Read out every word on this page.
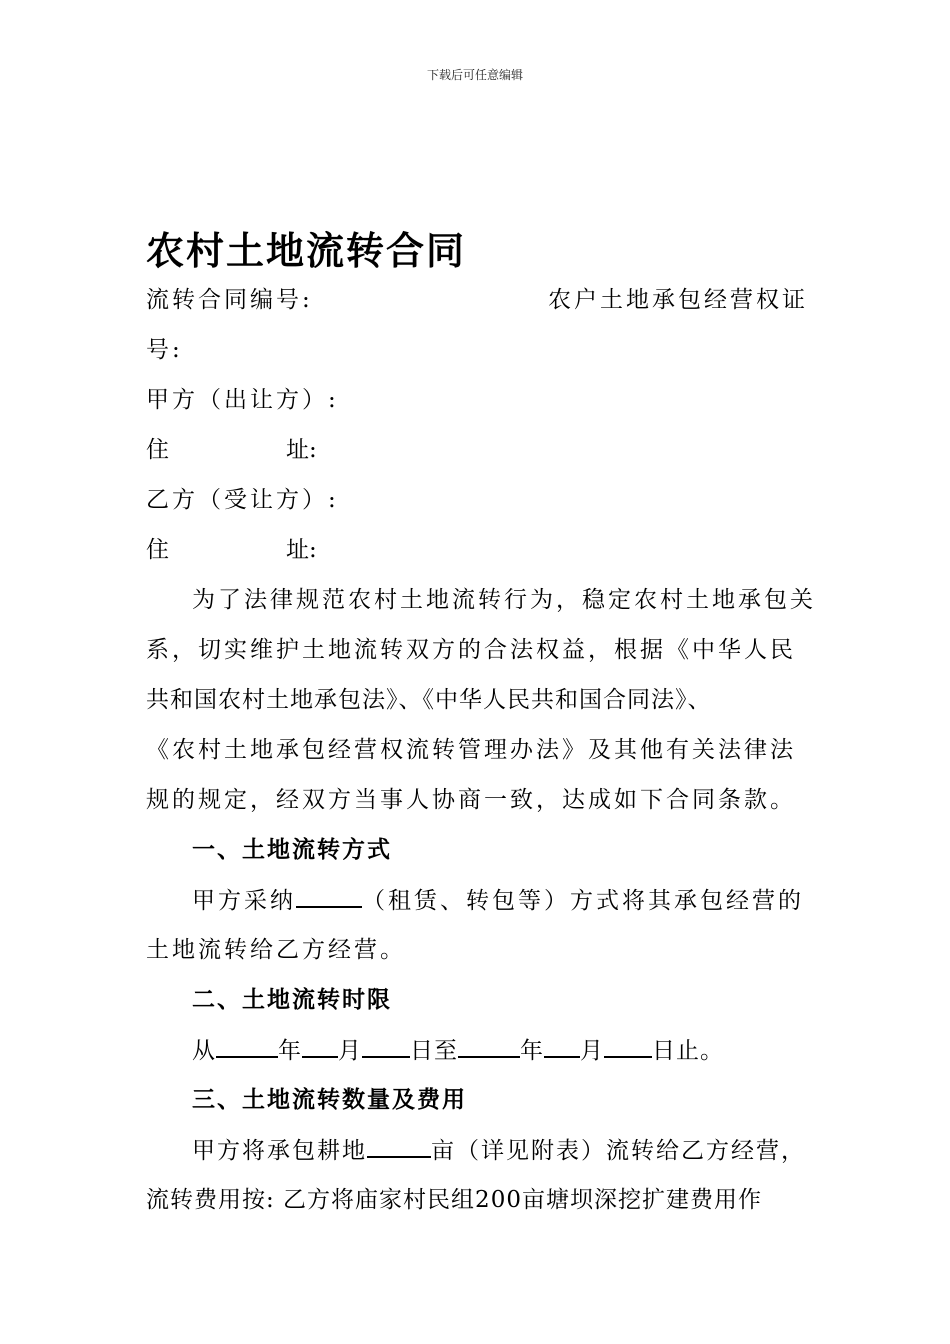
下载后可任意编辑
农村土地流转合同
流转合同编号:	农户土地承包经营权证
号:
甲方（出让方）:
住	址:
乙方（受让方）:
住	址:
为了法律规范农村土地流转行为，稳定农村土地承包关
系，切实维护土地流转双方的合法权益，根据《中华人民
共和国农村土地承包法》、《中华人民共和国合同法》、
《农村土地承包经营权流转管理办法》及其他有关法律法
规的规定，经双方当事人协商一致，达成如下合同条款。
一、土地流转方式
甲方采纳	（租赁、转包等）方式将其承包经营的
土地流转给乙方经营。
二、土地流转时限
从	年 月 日至	年 月 日止。
三、土地流转数量及费用
甲方将承包耕地	亩（详见附表）流转给乙方经营，
流转费用按: 乙方将庙家村民组200亩塘坝深挖扩建费用作
